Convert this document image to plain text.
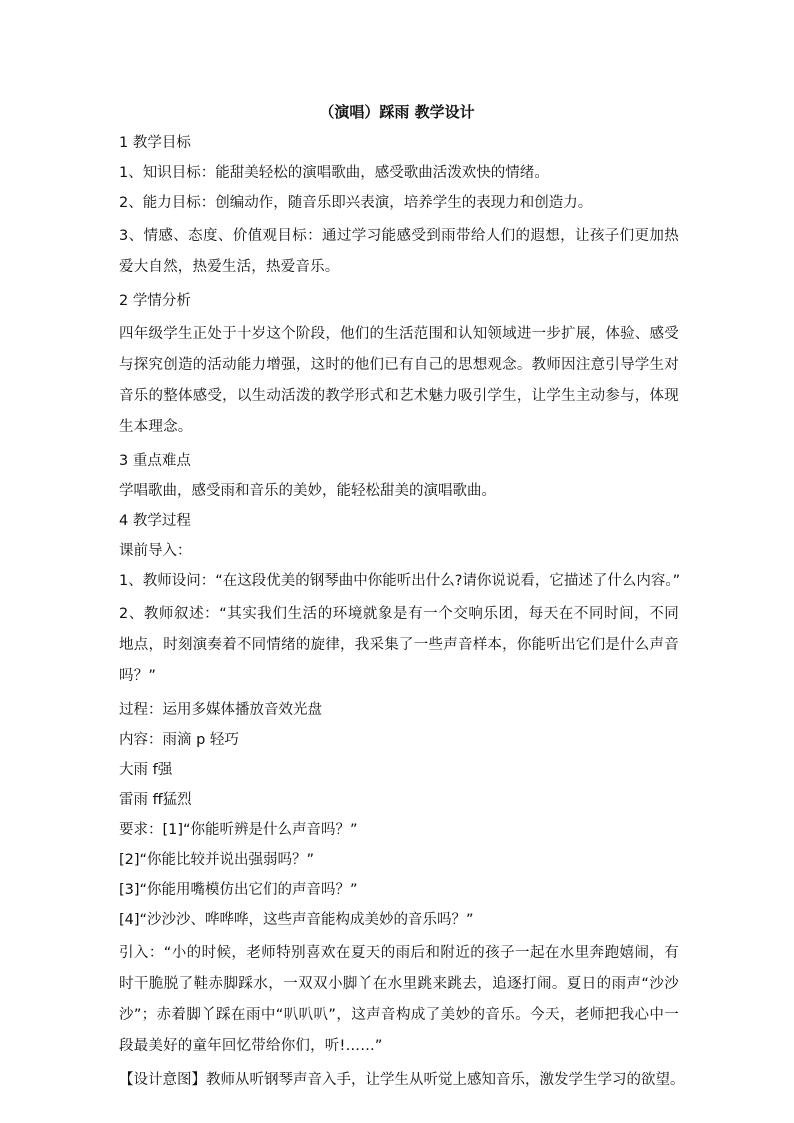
（演唱）踩雨 教学设计

1 教学目标

1、知识目标：能甜美轻松的演唱歌曲，感受歌曲活泼欢快的情绪。

2、能力目标：创编动作，随音乐即兴表演，培养学生的表现力和创造力。

3、情感、态度、价值观目标：通过学习能感受到雨带给人们的遐想，让孩子们更加热爱大自然，热爱生活，热爱音乐。

2 学情分析

四年级学生正处于十岁这个阶段，他们的生活范围和认知领域进一步扩展，体验、感受与探究创造的活动能力增强，这时的他们已有自己的思想观念。教师因注意引导学生对音乐的整体感受，以生动活泼的教学形式和艺术魅力吸引学生，让学生主动参与，体现生本理念。

3 重点难点

学唱歌曲，感受雨和音乐的美妙，能轻松甜美的演唱歌曲。

4 教学过程

课前导入：

1、教师设问：“在这段优美的钢琴曲中你能听出什么?请你说说看，它描述了什么内容。”

2、教师叙述：“其实我们生活的环境就象是有一个交响乐团，每天在不同时间，不同地点，时刻演奏着不同情绪的旋律，我采集了一些声音样本，你能听出它们是什么声音吗？”

过程：运用多媒体播放音效光盘

内容：雨滴 p 轻巧

大雨 f强

雷雨 ff猛烈

要求：[1]“你能听辨是什么声音吗？”

[2]“你能比较并说出强弱吗？”

[3]“你能用嘴模仿出它们的声音吗？”

[4]“沙沙沙、哗哗哗，这些声音能构成美妙的音乐吗？”

引入：“小的时候，老师特别喜欢在夏天的雨后和附近的孩子一起在水里奔跑嬉闹，有时干脆脱了鞋赤脚踩水，一双双小脚丫在水里跳来跳去，追逐打闹。夏日的雨声“沙沙沙”；赤着脚丫踩在雨中“叭叭叭”，这声音构成了美妙的音乐。今天，老师把我心中一段最美好的童年回忆带给你们，听!……”

【设计意图】教师从听钢琴声音入手，让学生从听觉上感知音乐，激发学生学习的欲望。
